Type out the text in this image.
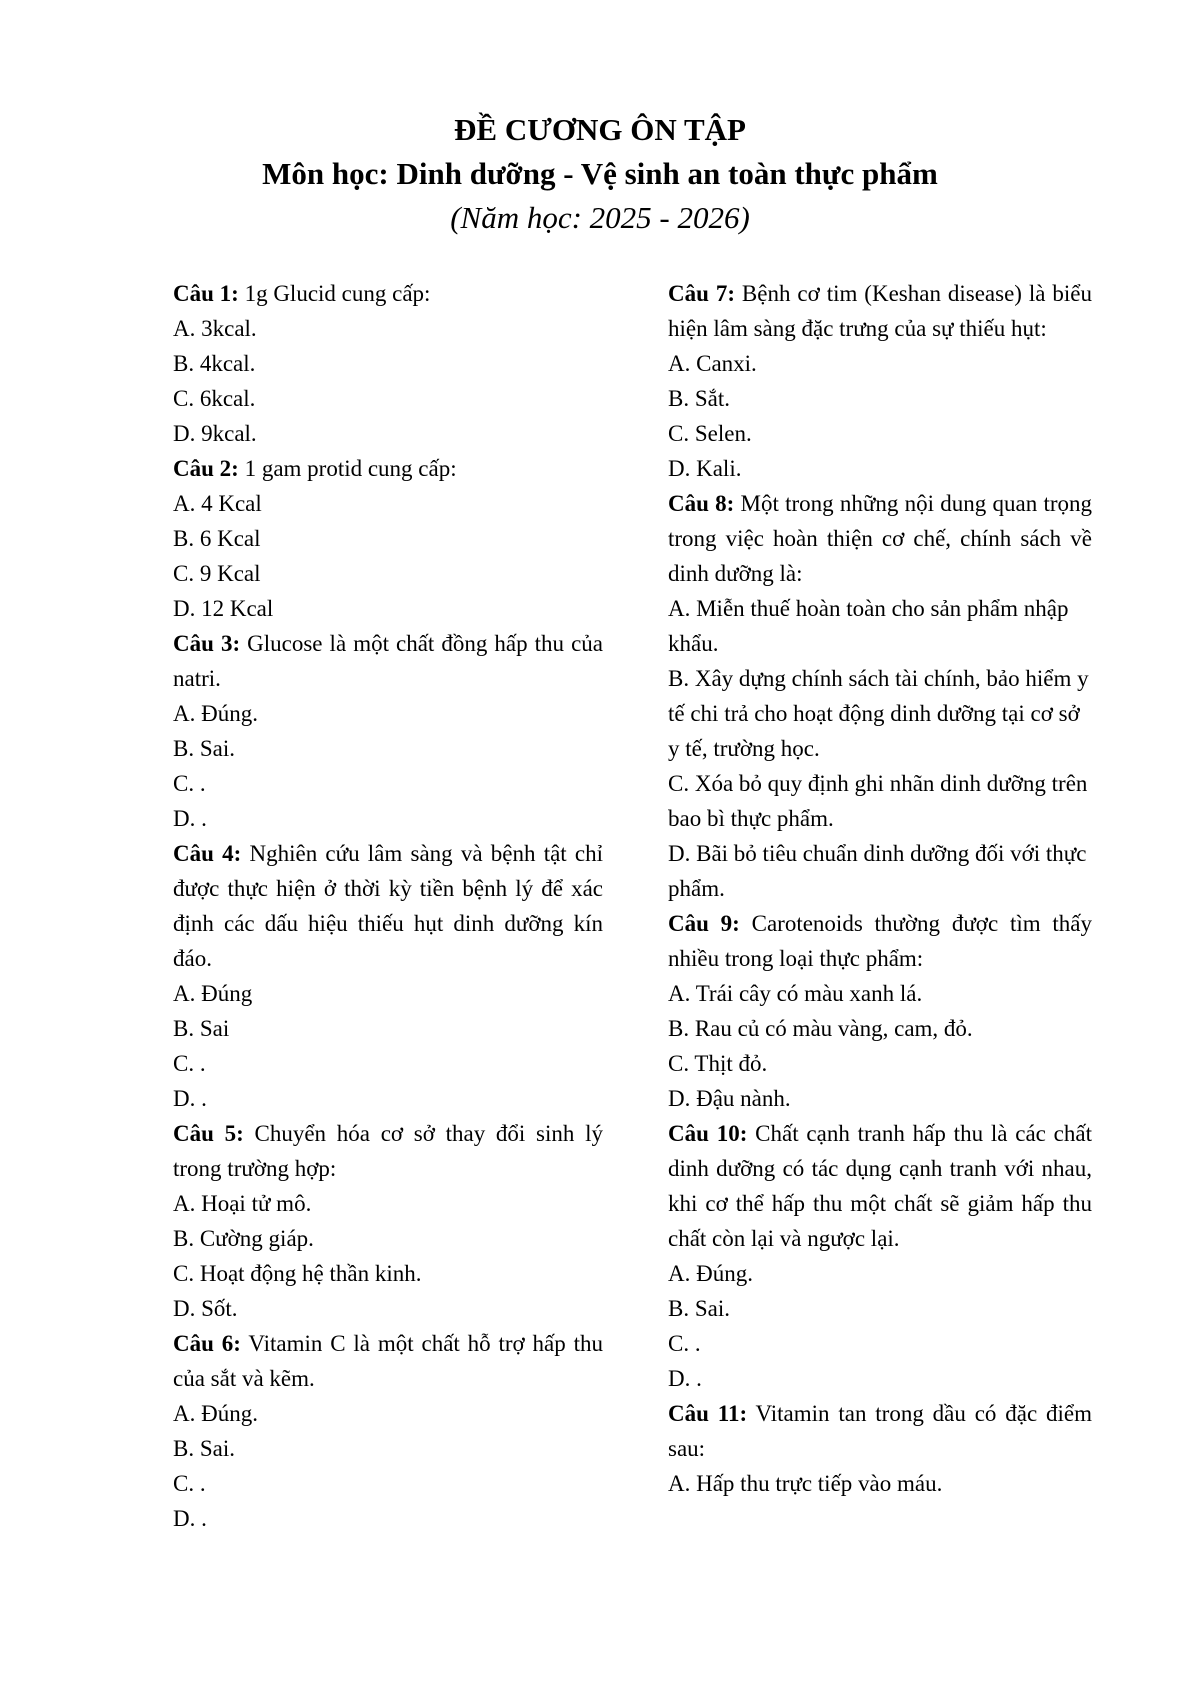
ĐỀ CƯƠNG ÔN TẬP

Môn học: Dinh dưỡng - Vệ sinh an toàn thực phẩm

(Năm học: 2025 - 2026)

Câu 1: 1g Glucid cung cấp:

A. 3kcal.

B. 4kcal.

C. 6kcal.

D. 9kcal.

Câu 2: 1 gam protid cung cấp:

A. 4 Kcal

B. 6 Kcal

C. 9 Kcal

D. 12 Kcal

Câu 3: Glucose là một chất đồng hấp thu của natri.

A. Đúng.

B. Sai.

C. .

D. .

Câu 4: Nghiên cứu lâm sàng và bệnh tật chỉ được thực hiện ở thời kỳ tiền bệnh lý để xác định các dấu hiệu thiếu hụt dinh dưỡng kín đáo.

A. Đúng

B. Sai

C. .

D. .

Câu 5: Chuyển hóa cơ sở thay đổi sinh lý trong trường hợp:

A. Hoại tử mô.

B. Cường giáp.

C. Hoạt động hệ thần kinh.

D. Sốt.

Câu 6: Vitamin C là một chất hỗ trợ hấp thu của sắt và kẽm.

A. Đúng.

B. Sai.

C. .

D. .

Câu 7: Bệnh cơ tim (Keshan disease) là biểu hiện lâm sàng đặc trưng của sự thiếu hụt:

A. Canxi.

B. Sắt.

C. Selen.

D. Kali.

Câu 8: Một trong những nội dung quan trọng trong việc hoàn thiện cơ chế, chính sách về dinh dưỡng là:

A. Miễn thuế hoàn toàn cho sản phẩm nhập khẩu.

B. Xây dựng chính sách tài chính, bảo hiểm y tế chi trả cho hoạt động dinh dưỡng tại cơ sở y tế, trường học.

C. Xóa bỏ quy định ghi nhãn dinh dưỡng trên bao bì thực phẩm.

D. Bãi bỏ tiêu chuẩn dinh dưỡng đối với thực phẩm.

Câu 9: Carotenoids thường được tìm thấy nhiều trong loại thực phẩm:

A. Trái cây có màu xanh lá.

B. Rau củ có màu vàng, cam, đỏ.

C. Thịt đỏ.

D. Đậu nành.

Câu 10: Chất cạnh tranh hấp thu là các chất dinh dưỡng có tác dụng cạnh tranh với nhau, khi cơ thể hấp thu một chất sẽ giảm hấp thu chất còn lại và ngược lại.

A. Đúng.

B. Sai.

C. .

D. .

Câu 11: Vitamin tan trong dầu có đặc điểm sau:

A. Hấp thu trực tiếp vào máu.
